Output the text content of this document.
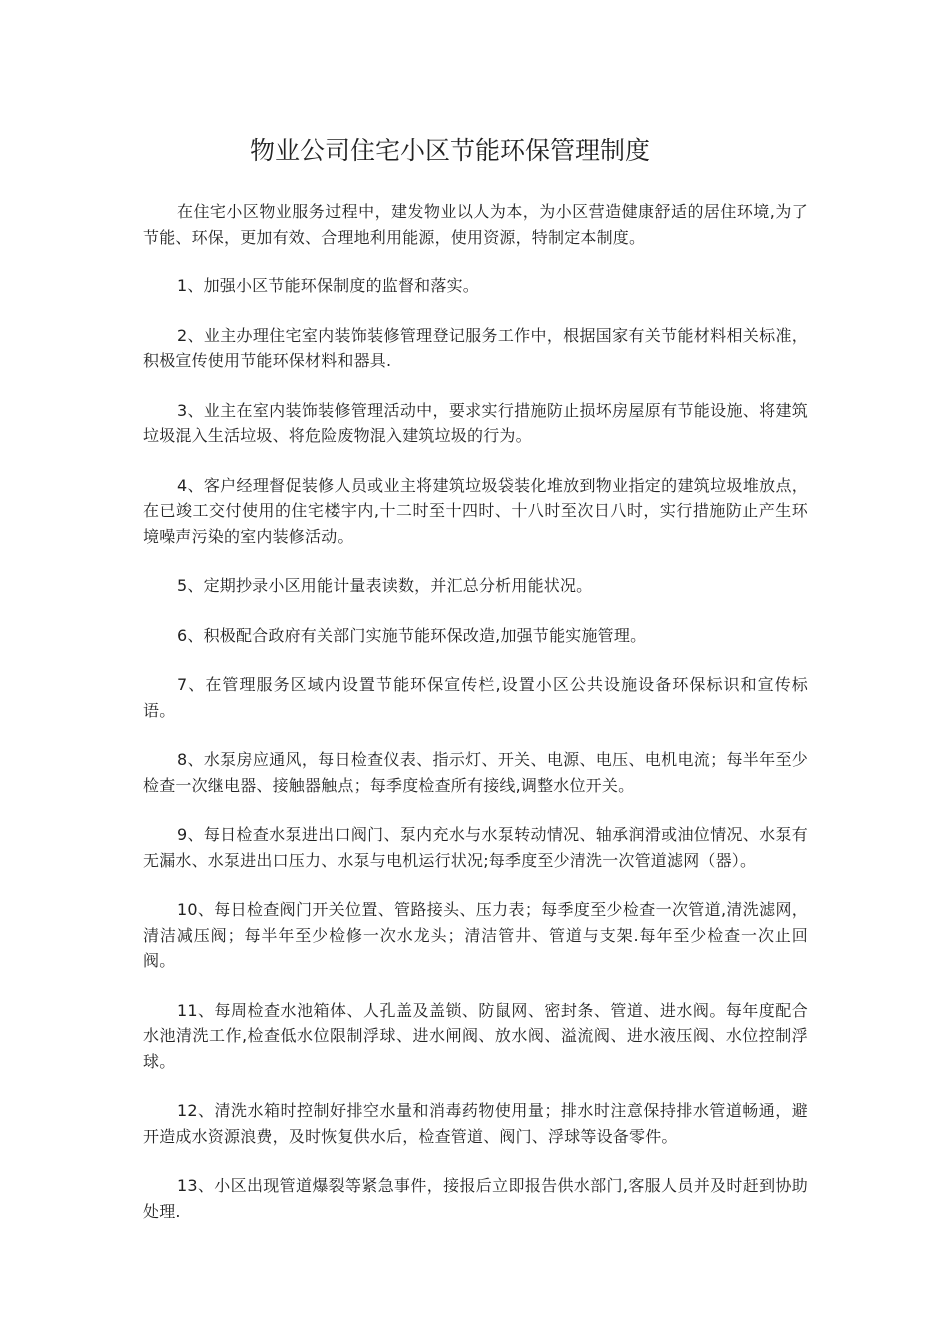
物业公司住宅小区节能环保管理制度

在住宅小区物业服务过程中，建发物业以人为本，为小区营造健康舒适的居住环境,为了节能、环保，更加有效、合理地利用能源，使用资源，特制定本制度。

1、加强小区节能环保制度的监督和落实。

2、业主办理住宅室内装饰装修管理登记服务工作中，根据国家有关节能材料相关标准，积极宣传使用节能环保材料和器具.

3、业主在室内装饰装修管理活动中，要求实行措施防止损坏房屋原有节能设施、将建筑垃圾混入生活垃圾、将危险废物混入建筑垃圾的行为。

4、客户经理督促装修人员或业主将建筑垃圾袋装化堆放到物业指定的建筑垃圾堆放点，在已竣工交付使用的住宅楼宇内,十二时至十四时、十八时至次日八时，实行措施防止产生环境噪声污染的室内装修活动。

5、定期抄录小区用能计量表读数，并汇总分析用能状况。

6、积极配合政府有关部门实施节能环保改造,加强节能实施管理。

7、在管理服务区域内设置节能环保宣传栏,设置小区公共设施设备环保标识和宣传标语。

8、水泵房应通风，每日检查仪表、指示灯、开关、电源、电压、电机电流；每半年至少检查一次继电器、接触器触点；每季度检查所有接线,调整水位开关。

9、每日检查水泵进出口阀门、泵内充水与水泵转动情况、轴承润滑或油位情况、水泵有无漏水、水泵进出口压力、水泵与电机运行状况;每季度至少清洗一次管道滤网（器）。

10、每日检查阀门开关位置、管路接头、压力表；每季度至少检查一次管道,清洗滤网，清洁减压阀；每半年至少检修一次水龙头；清洁管井、管道与支架.每年至少检查一次止回阀。

11、每周检查水池箱体、人孔盖及盖锁、防鼠网、密封条、管道、进水阀。每年度配合水池清洗工作,检查低水位限制浮球、进水闸阀、放水阀、溢流阀、进水液压阀、水位控制浮球。

12、清洗水箱时控制好排空水量和消毒药物使用量；排水时注意保持排水管道畅通，避开造成水资源浪费，及时恢复供水后，检查管道、阀门、浮球等设备零件。

13、小区出现管道爆裂等紧急事件，接报后立即报告供水部门,客服人员并及时赶到协助处理.
